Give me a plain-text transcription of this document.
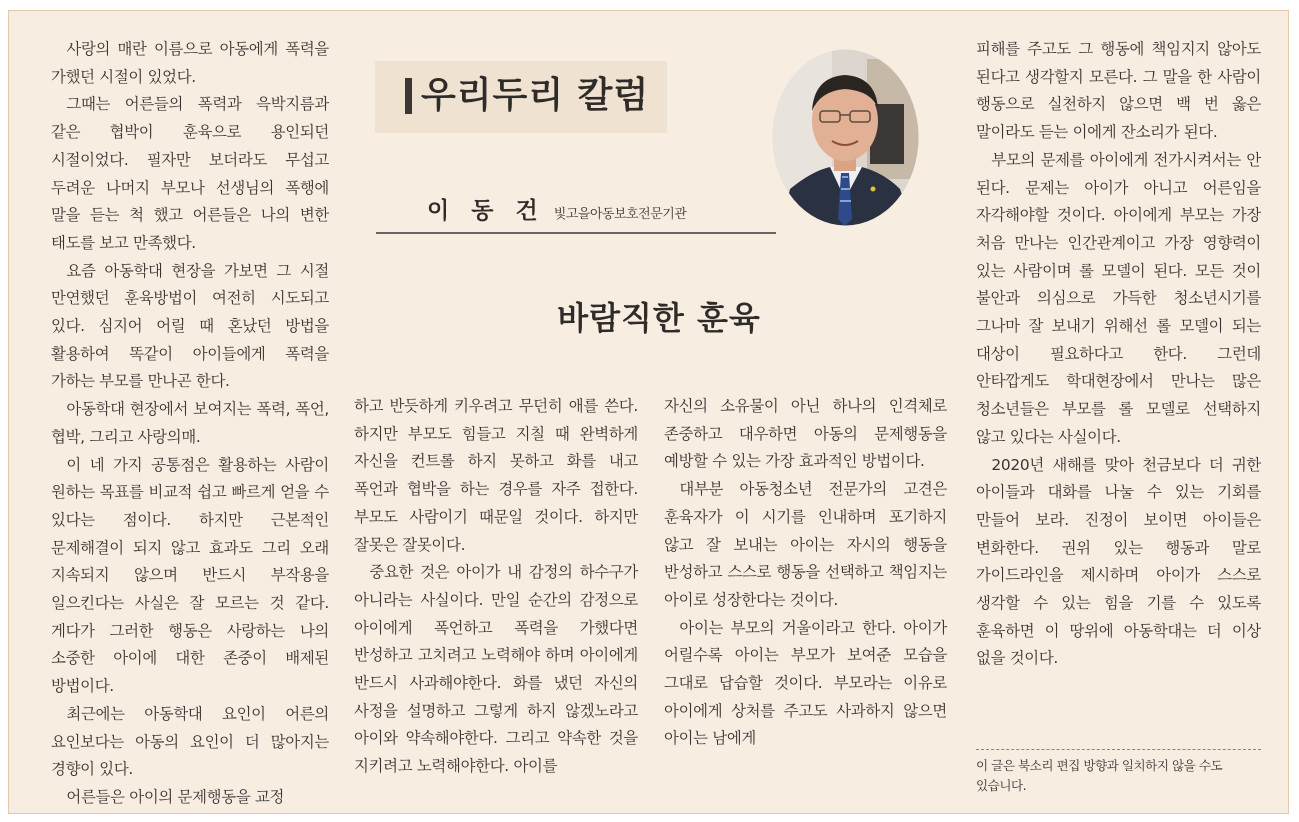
사랑의 매란 이름으로 아동에게 폭력을 가했던 시절이 있었다.

그때는 어른들의 폭력과 윽박지름과 같은 협박이 훈육으로 용인되던 시절이었다. 필자만 보더라도 무섭고 두려운 나머지 부모나 선생님의 폭행에 말을 듣는 척 했고 어른들은 나의 변한 태도를 보고 만족했다.

요즘 아동학대 현장을 가보면 그 시절 만연했던 훈육방법이 여전히 시도되고 있다. 심지어 어릴 때 혼났던 방법을 활용하여 똑같이 아이들에게 폭력을 가하는 부모를 만나곤 한다.

아동학대 현장에서 보여지는 폭력, 폭언, 협박, 그리고 사랑의매.

이 네 가지 공통점은 활용하는 사람이 원하는 목표를 비교적 쉽고 빠르게 얻을 수 있다는 점이다. 하지만 근본적인 문제해결이 되지 않고 효과도 그리 오래 지속되지 않으며 반드시 부작용을 일으킨다는 사실은 잘 모르는 것 같다. 게다가 그러한 행동은 사랑하는 나의 소중한 아이에 대한 존중이 배제된 방법이다.

최근에는 아동학대 요인이 어른의 요인보다는 아동의 요인이 더 많아지는 경향이 있다.

어른들은 아이의 문제행동을 교정

우리두리 칼럼
이 동 건 빛고을아동보호전문기관
바람직한 훈육

하고 반듯하게 키우려고 무던히 애를 쓴다. 하지만 부모도 힘들고 지칠 때 완벽하게 자신을 컨트롤 하지 못하고 화를 내고 폭언과 협박을 하는 경우를 자주 접한다. 부모도 사람이기 때문일 것이다. 하지만 잘못은 잘못이다.

중요한 것은 아이가 내 감정의 하수구가 아니라는 사실이다. 만일 순간의 감정으로 아이에게 폭언하고 폭력을 가했다면 반성하고 고치려고 노력해야 하며 아이에게 반드시 사과해야한다. 화를 냈던 자신의 사정을 설명하고 그렇게 하지 않겠노라고 아이와 약속해야한다. 그리고 약속한 것을 지키려고 노력해야한다. 아이를

자신의 소유물이 아닌 하나의 인격체로 존중하고 대우하면 아동의 문제행동을 예방할 수 있는 가장 효과적인 방법이다.

대부분 아동청소년 전문가의 고견은 훈육자가 이 시기를 인내하며 포기하지 않고 잘 보내는 아이는 자시의 행동을 반성하고 스스로 행동을 선택하고 책임지는 아이로 성장한다는 것이다.

아이는 부모의 거울이라고 한다. 아이가 어릴수록 아이는 부모가 보여준 모습을 그대로 답습할 것이다. 부모라는 이유로 아이에게 상처를 주고도 사과하지 않으면 아이는 남에게

피해를 주고도 그 행동에 책임지지 않아도 된다고 생각할지 모른다. 그 말을 한 사람이 행동으로 실천하지 않으면 백 번 옳은 말이라도 듣는 이에게 잔소리가 된다.

부모의 문제를 아이에게 전가시켜서는 안 된다. 문제는 아이가 아니고 어른임을 자각해야할 것이다. 아이에게 부모는 가장 처음 만나는 인간관계이고 가장 영향력이 있는 사람이며 롤 모델이 된다. 모든 것이 불안과 의심으로 가득한 청소년시기를 그나마 잘 보내기 위해선 롤 모델이 되는 대상이 필요하다고 한다. 그런데 안타깝게도 학대현장에서 만나는 많은 청소년들은 부모를 롤 모델로 선택하지 않고 있다는 사실이다.

2020년 새해를 맞아 천금보다 더 귀한 아이들과 대화를 나눌 수 있는 기회를 만들어 보라. 진정이 보이면 아이들은 변화한다. 권위 있는 행동과 말로 가이드라인을 제시하며 아이가 스스로 생각할 수 있는 힘을 기를 수 있도록 훈육하면 이 땅위에 아동학대는 더 이상 없을 것이다.

이 글은 북소리 편집 방향과 일치하지 않을 수도 있습니다.
